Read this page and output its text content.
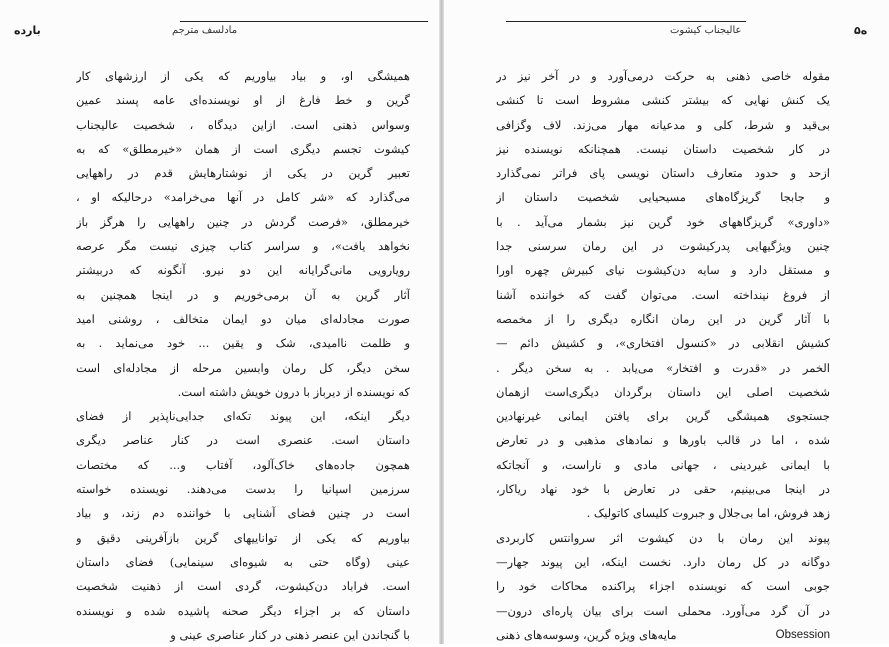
بارده	مادلسف مترجم
همیشگی او، و بیاد بیاوریم که یکی از ارزشهای کار
گرین و خط فارغ از او نویسنده‌ای عامه پسند عمین
وسواس ذهنی است. ازاین دیدگاه ، شخصیت عالیجناب
کیشوت تجسم دیگری است از همان «خیرمطلق» که به
تعبیر گرین در یکی از نوشتارهایش قدم در راههایی
می‌گذارد که «شر کامل در آنها می‌خرامد» درحالیکه او ،
خیرمطلق، «فرصت گردش در چنین راههایی را هرگز باز
نخواهد یافت»، و سراسر کتاب چیزی نیست مگر عرصه
رویارویی مانی‌گرایانه این دو نیرو. آنگونه که دربیشتر
آثار گرین به آن برمی‌خوریم و در اینجا همچنین به
صورت مجادله‌ای میان دو ایمان متخالف ، روشنی امید
و ظلمت ناامیدی، شک و یقین ... خود می‌نماید . به
سخن دیگر، کل رمان وابسین مرحله از مجادله‌ای است
که نویسنده از دیرباز با درون خویش داشته است.
دیگر اینکه، این پیوند تکه‌ای جدایی‌ناپذیر از فضای
داستان است. عنصری است در کنار عناصر دیگری
همچون جاده‌های خاک‌آلود، آفتاب و... که مختصات
سرزمین اسپانیا را بدست می‌دهند. نویسنده خواسته
است در چنین فضای آشنایی با خواننده دم زند، و بیاد
بیاوریم که یکی از تواناییهای گرین بازآفرینی دقیق و
عینی (وگاه حتی به شیوه‌ای سینمایی) فضای داستان
است. فراباد دن‌کیشوت، گردی است از ذهنیت شخصیت
داستان که بر اجزاء دیگر صحنه پاشیده شده و نویسنده
با گنجاندن این عنصر ذهنی در کنار عناصری عینی و
۵ه
عالیجناب کیشوت
مقوله خاصی ذهنی به حرکت درمی‌آورد و در آخر نیز در
یک کنش نهایی که بیشتر کنشی مشروط است تا کنشی
بی‌قید و شرط، کلی و مدعیانه مهار می‌زند. لاف وگزافی
در کار شخصیت داستان نیست. همچنانکه نویسنده نیز
ازحد و حدود متعارف داستان نویسی پای فراتر نمی‌گذارد
و جابجا گریزگاه‌های مسیحیایی شخصیت داستان از
«داوری» گریزگاههای خود گرین نیز بشمار می‌آید . با
چنین ویژگیهایی پدرکیشوت در این رمان سرسنی جدا
و مستقل دارد و سایه دن‌کیشوت نیای کبیرش چهره اورا
از فروغ نینداخته است. می‌توان گفت که خواننده آشنا
با آثار گرین در این رمان انگاره دیگری را از مخمصه
کشیش انقلابی در «کنسول افتخاری»، و کشیش دائم —
الخمر در «قدرت و افتخار» می‌یابد . به سخن دیگر .
شخصیت اصلی این داستان برگردان دیگری‌است ازهمان
جستجوی همیشگی گرین برای یافتن ایمانی غیرنهادین
شده ، اما در قالب باورها و نمادهای مذهبی و در تعارض
با ایمانی غیردینی ، جهانی مادی و ناراست، و آنجاتکه
در اینجا می‌بینیم، حقی در تعارض با خود نهاد ریاکار،
زهد فروش، اما بی‌جلال و جبروت کلیسای کاتولیک .
پیوند این رمان با دن کیشوت اثر سروانتس کاربردی
دوگانه در کل رمان دارد. نخست اینکه، این پیوند جهار—
جوبی است که نویسنده اجزاء پراکنده محاکات خود را
در آن گرد می‌آورد. محملی است برای بیان پاره‌ای درون—
مایه‌های ویژه گرین، وسوسه‌های ذهنی	Obsession
